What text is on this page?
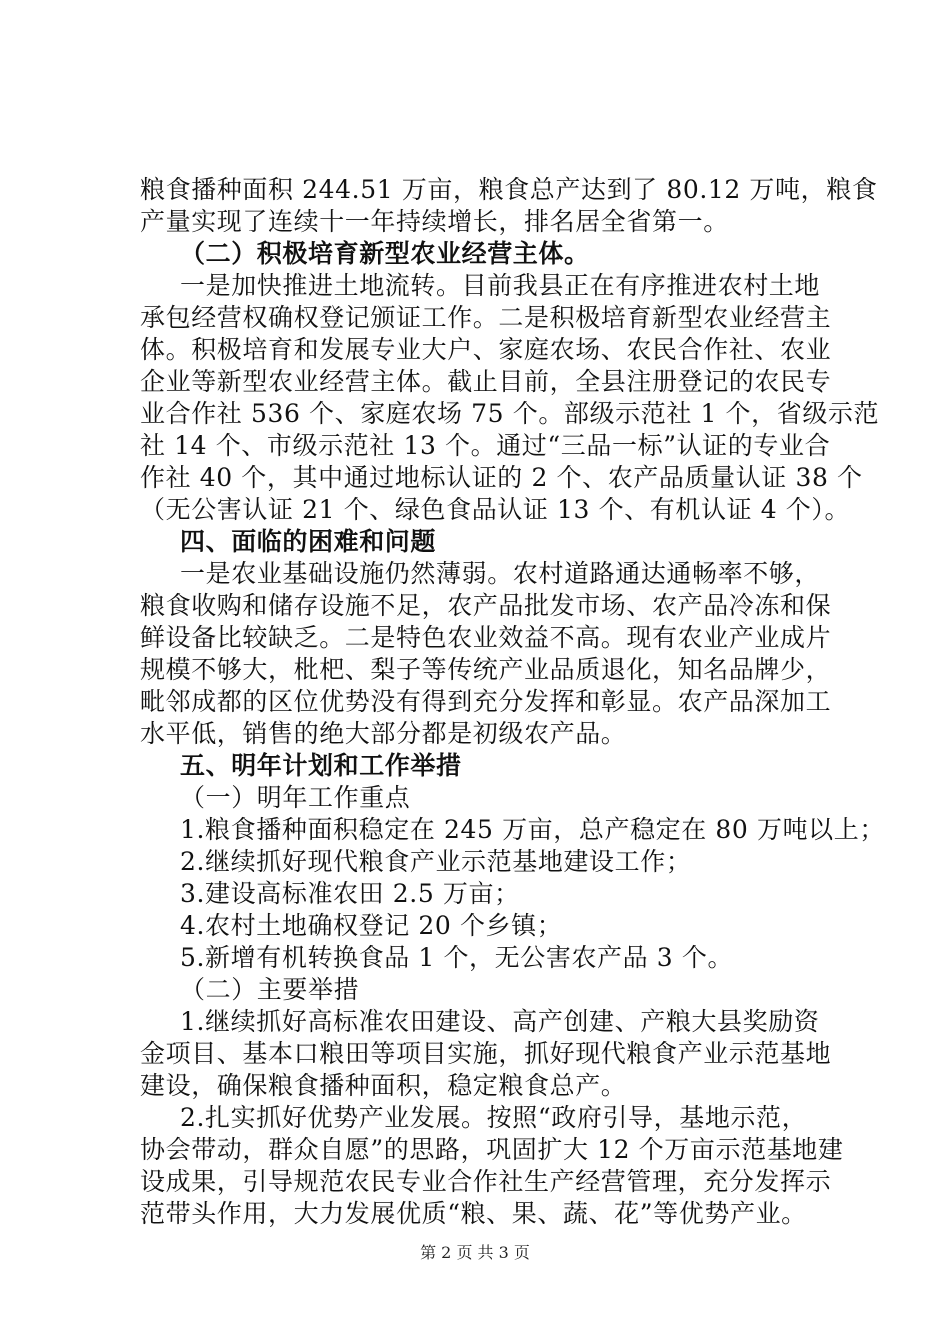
粮食播种面积 244.51 万亩，粮食总产达到了 80.12 万吨，粮食
产量实现了连续十一年持续增长，排名居全省第一。
（二）积极培育新型农业经营主体。
一是加快推进土地流转。目前我县正在有序推进农村土地
承包经营权确权登记颁证工作。二是积极培育新型农业经营主
体。积极培育和发展专业大户、家庭农场、农民合作社、农业
企业等新型农业经营主体。截止目前，全县注册登记的农民专
业合作社 536 个、家庭农场 75 个。部级示范社 1 个，省级示范
社 14 个、市级示范社 13 个。通过“三品一标”认证的专业合
作社 40 个，其中通过地标认证的 2 个、农产品质量认证 38 个
（无公害认证 21 个、绿色食品认证 13 个、有机认证 4 个）。
四、面临的困难和问题
一是农业基础设施仍然薄弱。农村道路通达通畅率不够，
粮食收购和储存设施不足，农产品批发市场、农产品冷冻和保
鲜设备比较缺乏。二是特色农业效益不高。现有农业产业成片
规模不够大，枇杷、梨子等传统产业品质退化，知名品牌少，
毗邻成都的区位优势没有得到充分发挥和彰显。农产品深加工
水平低，销售的绝大部分都是初级农产品。
五、明年计划和工作举措
（一）明年工作重点
1.粮食播种面积稳定在 245 万亩，总产稳定在 80 万吨以上；
2.继续抓好现代粮食产业示范基地建设工作；
3.建设高标准农田 2.5 万亩；
4.农村土地确权登记 20 个乡镇；
5.新增有机转换食品 1 个，无公害农产品 3 个。
（二）主要举措
1.继续抓好高标准农田建设、高产创建、产粮大县奖励资
金项目、基本口粮田等项目实施，抓好现代粮食产业示范基地
建设，确保粮食播种面积，稳定粮食总产。
2.扎实抓好优势产业发展。按照“政府引导，基地示范，
协会带动，群众自愿”的思路，巩固扩大 12 个万亩示范基地建
设成果，引导规范农民专业合作社生产经营管理，充分发挥示
范带头作用，大力发展优质“粮、果、蔬、花”等优势产业。
第 2 页 共 3 页
